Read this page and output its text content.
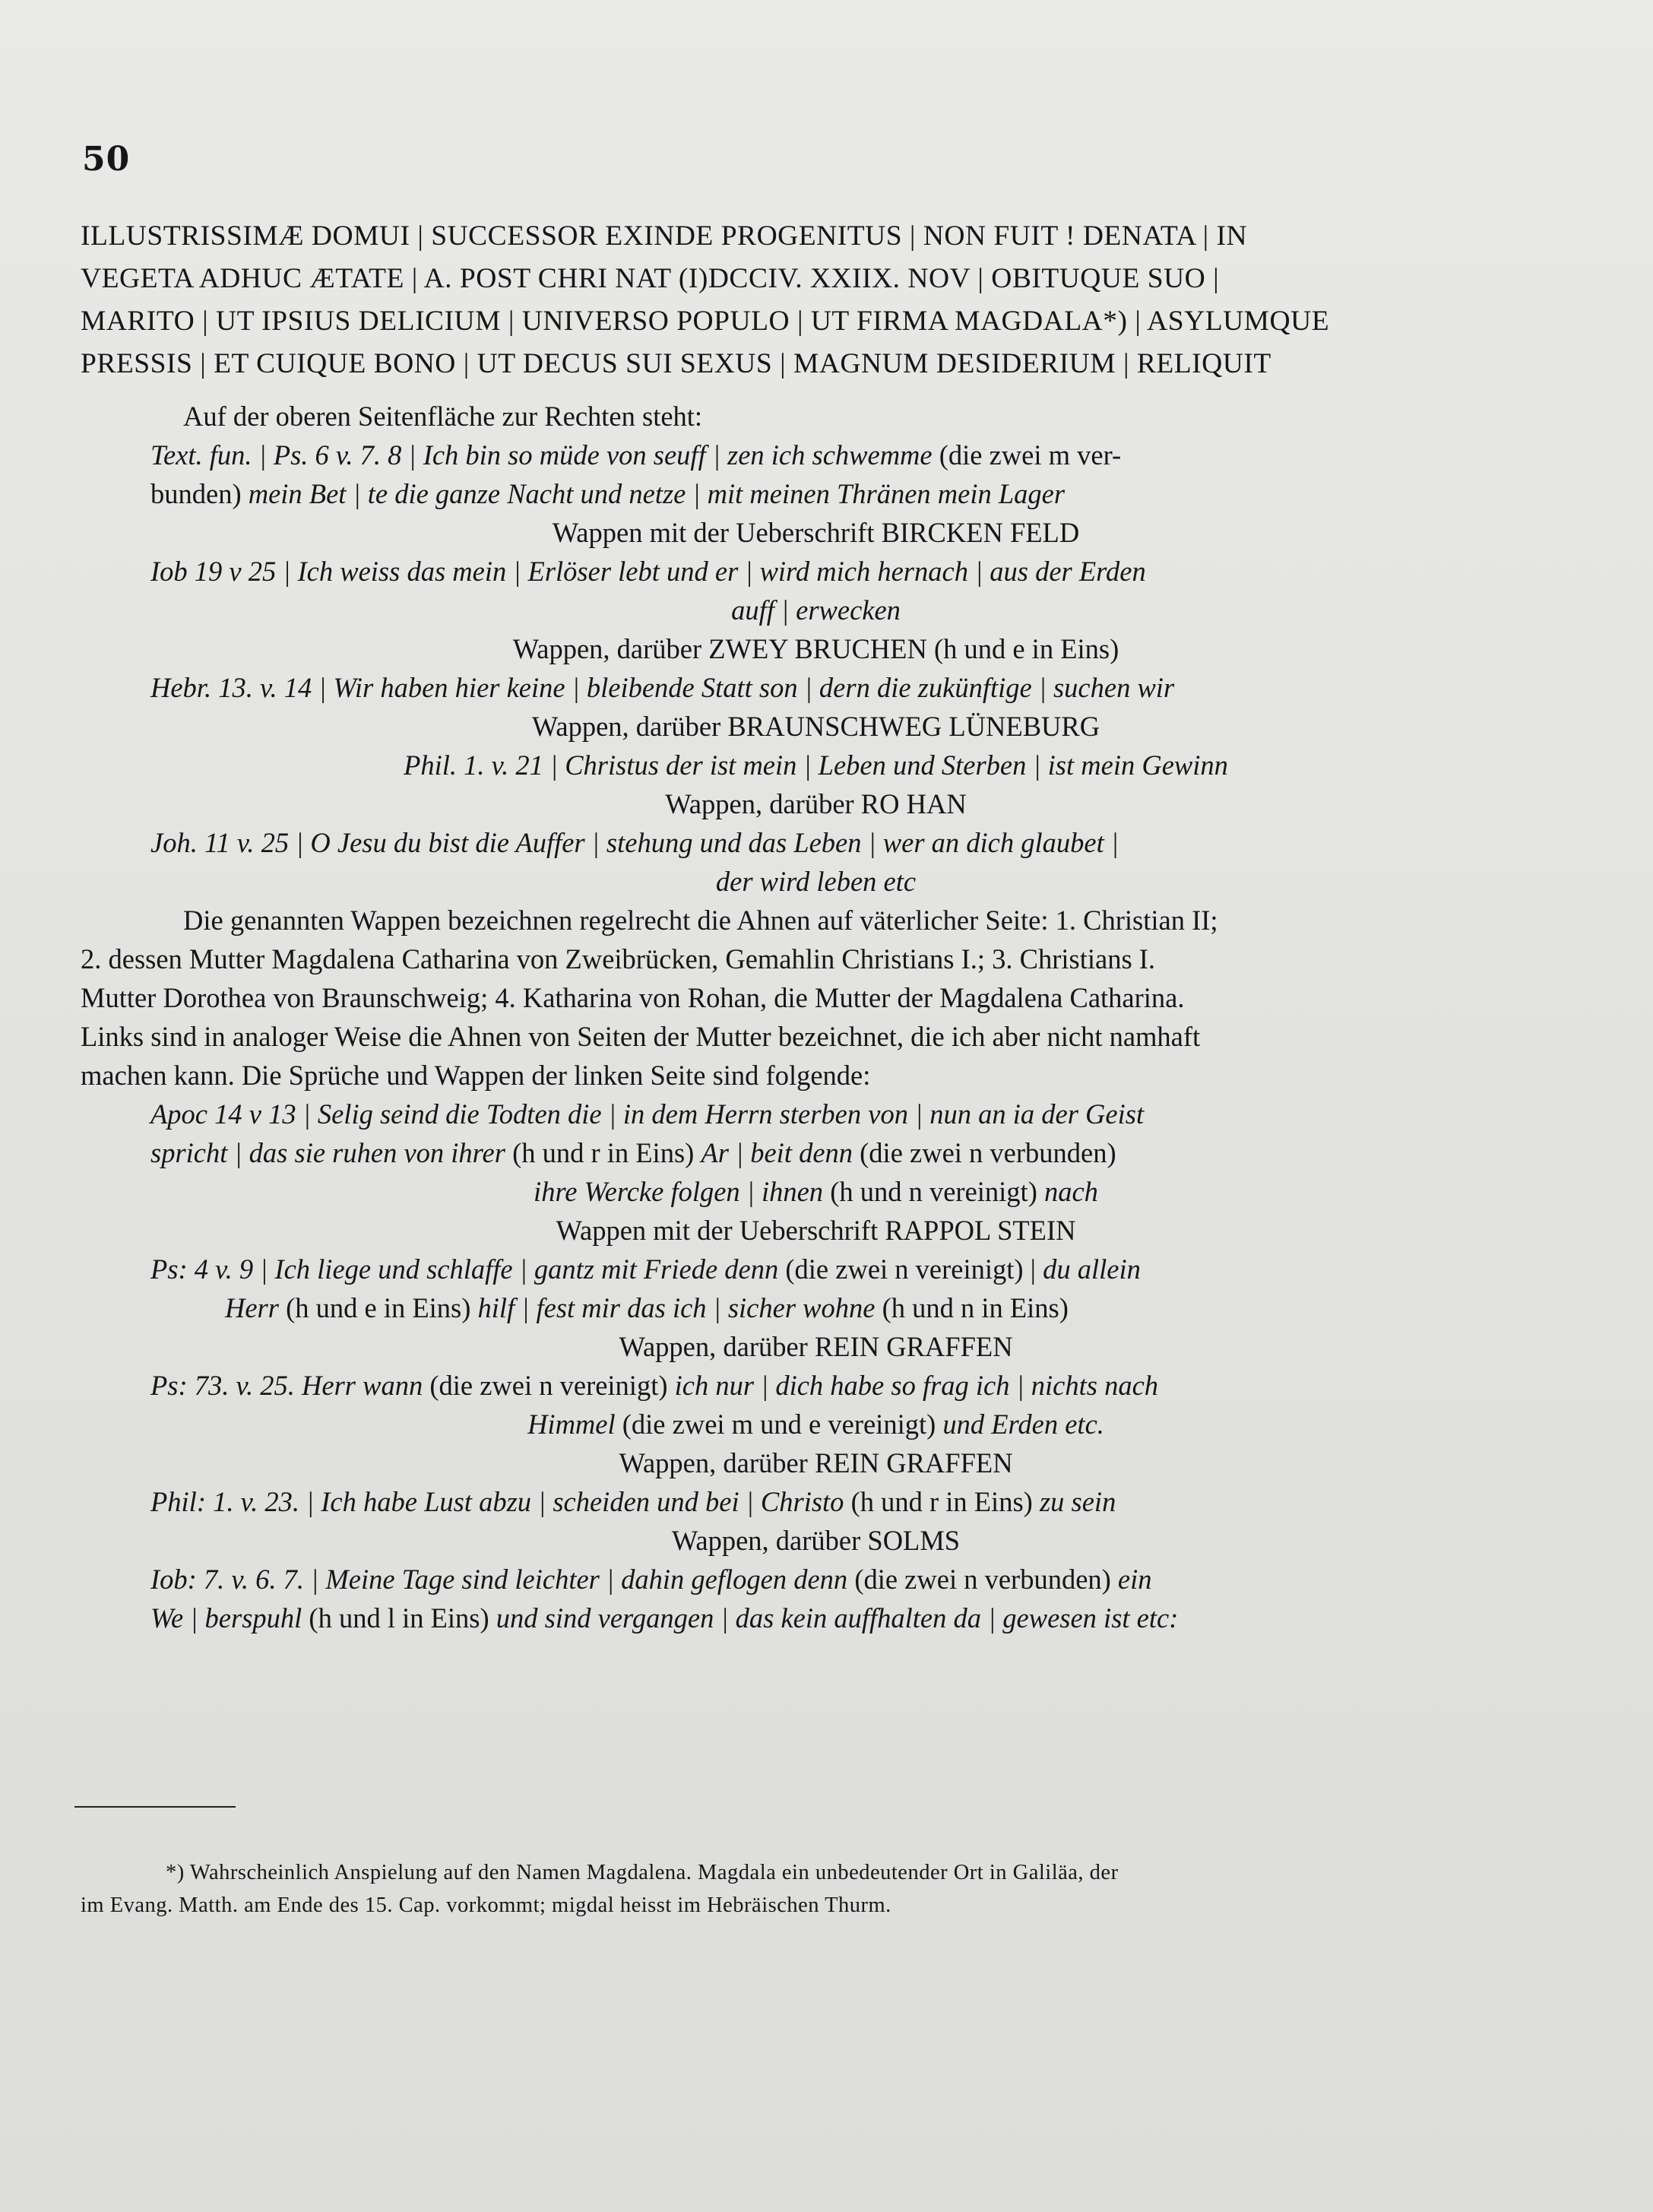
50
ILLUSTRISSIMÆ DOMUI | SUCCESSOR EXINDE PROGENITUS | NON FUIT ! DENATA | IN
VEGETA ADHUC ÆTATE | A. POST CHRI NAT (I)DCCIV. XXIIX. NOV | OBITUQUE SUO |
MARITO | UT IPSIUS DELICIUM | UNIVERSO POPULO | UT FIRMA MAGDALA*) | ASYLUMQUE
PRESSIS | ET CUIQUE BONO | UT DECUS SUI SEXUS | MAGNUM DESIDERIUM | RELIQUIT
Auf der oberen Seitenfläche zur Rechten steht:
Text. fun. | Ps. 6 v. 7. 8 | Ich bin so müde von seuff | zen ich schwemme (die zwei m ver-
bunden) mein Bet | te die ganze Nacht und netze | mit meinen Thränen mein Lager
Wappen mit der Ueberschrift BIRCKEN FELD
Iob 19 v 25 | Ich weiss das mein | Erlöser lebt und er | wird mich hernach | aus der Erden
auff | erwecken
Wappen, darüber ZWEY BRUCHEN (h und e in Eins)
Hebr. 13. v. 14 | Wir haben hier keine | bleibende Statt son | dern die zukünftige | suchen wir
Wappen, darüber BRAUNSCHWEG LÜNEBURG
Phil. 1. v. 21 | Christus der ist mein | Leben und Sterben | ist mein Gewinn
Wappen, darüber RO HAN
Joh. 11 v. 25 | O Jesu du bist die Auffer | stehung und das Leben | wer an dich glaubet |
der wird leben etc
Die genannten Wappen bezeichnen regelrecht die Ahnen auf väterlicher Seite: 1. Christian II;
2. dessen Mutter Magdalena Catharina von Zweibrücken, Gemahlin Christians I.; 3. Christians I.
Mutter Dorothea von Braunschweig; 4. Katharina von Rohan, die Mutter der Magdalena Catharina.
Links sind in analoger Weise die Ahnen von Seiten der Mutter bezeichnet, die ich aber nicht namhaft
machen kann. Die Sprüche und Wappen der linken Seite sind folgende:
Apoc 14 v 13 | Selig seind die Todten die | in dem Herrn sterben von | nun an ia der Geist
spricht | das sie ruhen von ihrer (h und r in Eins) Ar | beit denn (die zwei n verbunden)
ihre Wercke folgen | ihnen (h und n vereinigt) nach
Wappen mit der Ueberschrift RAPPOL STEIN
Ps: 4 v. 9 | Ich liege und schlaffe | gantz mit Friede denn (die zwei n vereinigt) | du allein
Herr (h und e in Eins) hilf | fest mir das ich | sicher wohne (h und n in Eins)
Wappen, darüber REIN GRAFFEN
Ps: 73. v. 25. Herr wann (die zwei n vereinigt) ich nur | dich habe so frag ich | nichts nach
Himmel (die zwei m und e vereinigt) und Erden etc.
Wappen, darüber REIN GRAFFEN
Phil: 1. v. 23. | Ich habe Lust abzu | scheiden und bei | Christo (h und r in Eins) zu sein
Wappen, darüber SOLMS
Iob: 7. v. 6. 7. | Meine Tage sind leichter | dahin geflogen denn (die zwei n verbunden) ein
We | berspuhl (h und l in Eins) und sind vergangen | das kein auffhalten da | gewesen ist etc:
*) Wahrscheinlich Anspielung auf den Namen Magdalena. Magdala ein unbedeutender Ort in Galiläa, der
im Evang. Matth. am Ende des 15. Cap. vorkommt; migdal heisst im Hebräischen Thurm.
